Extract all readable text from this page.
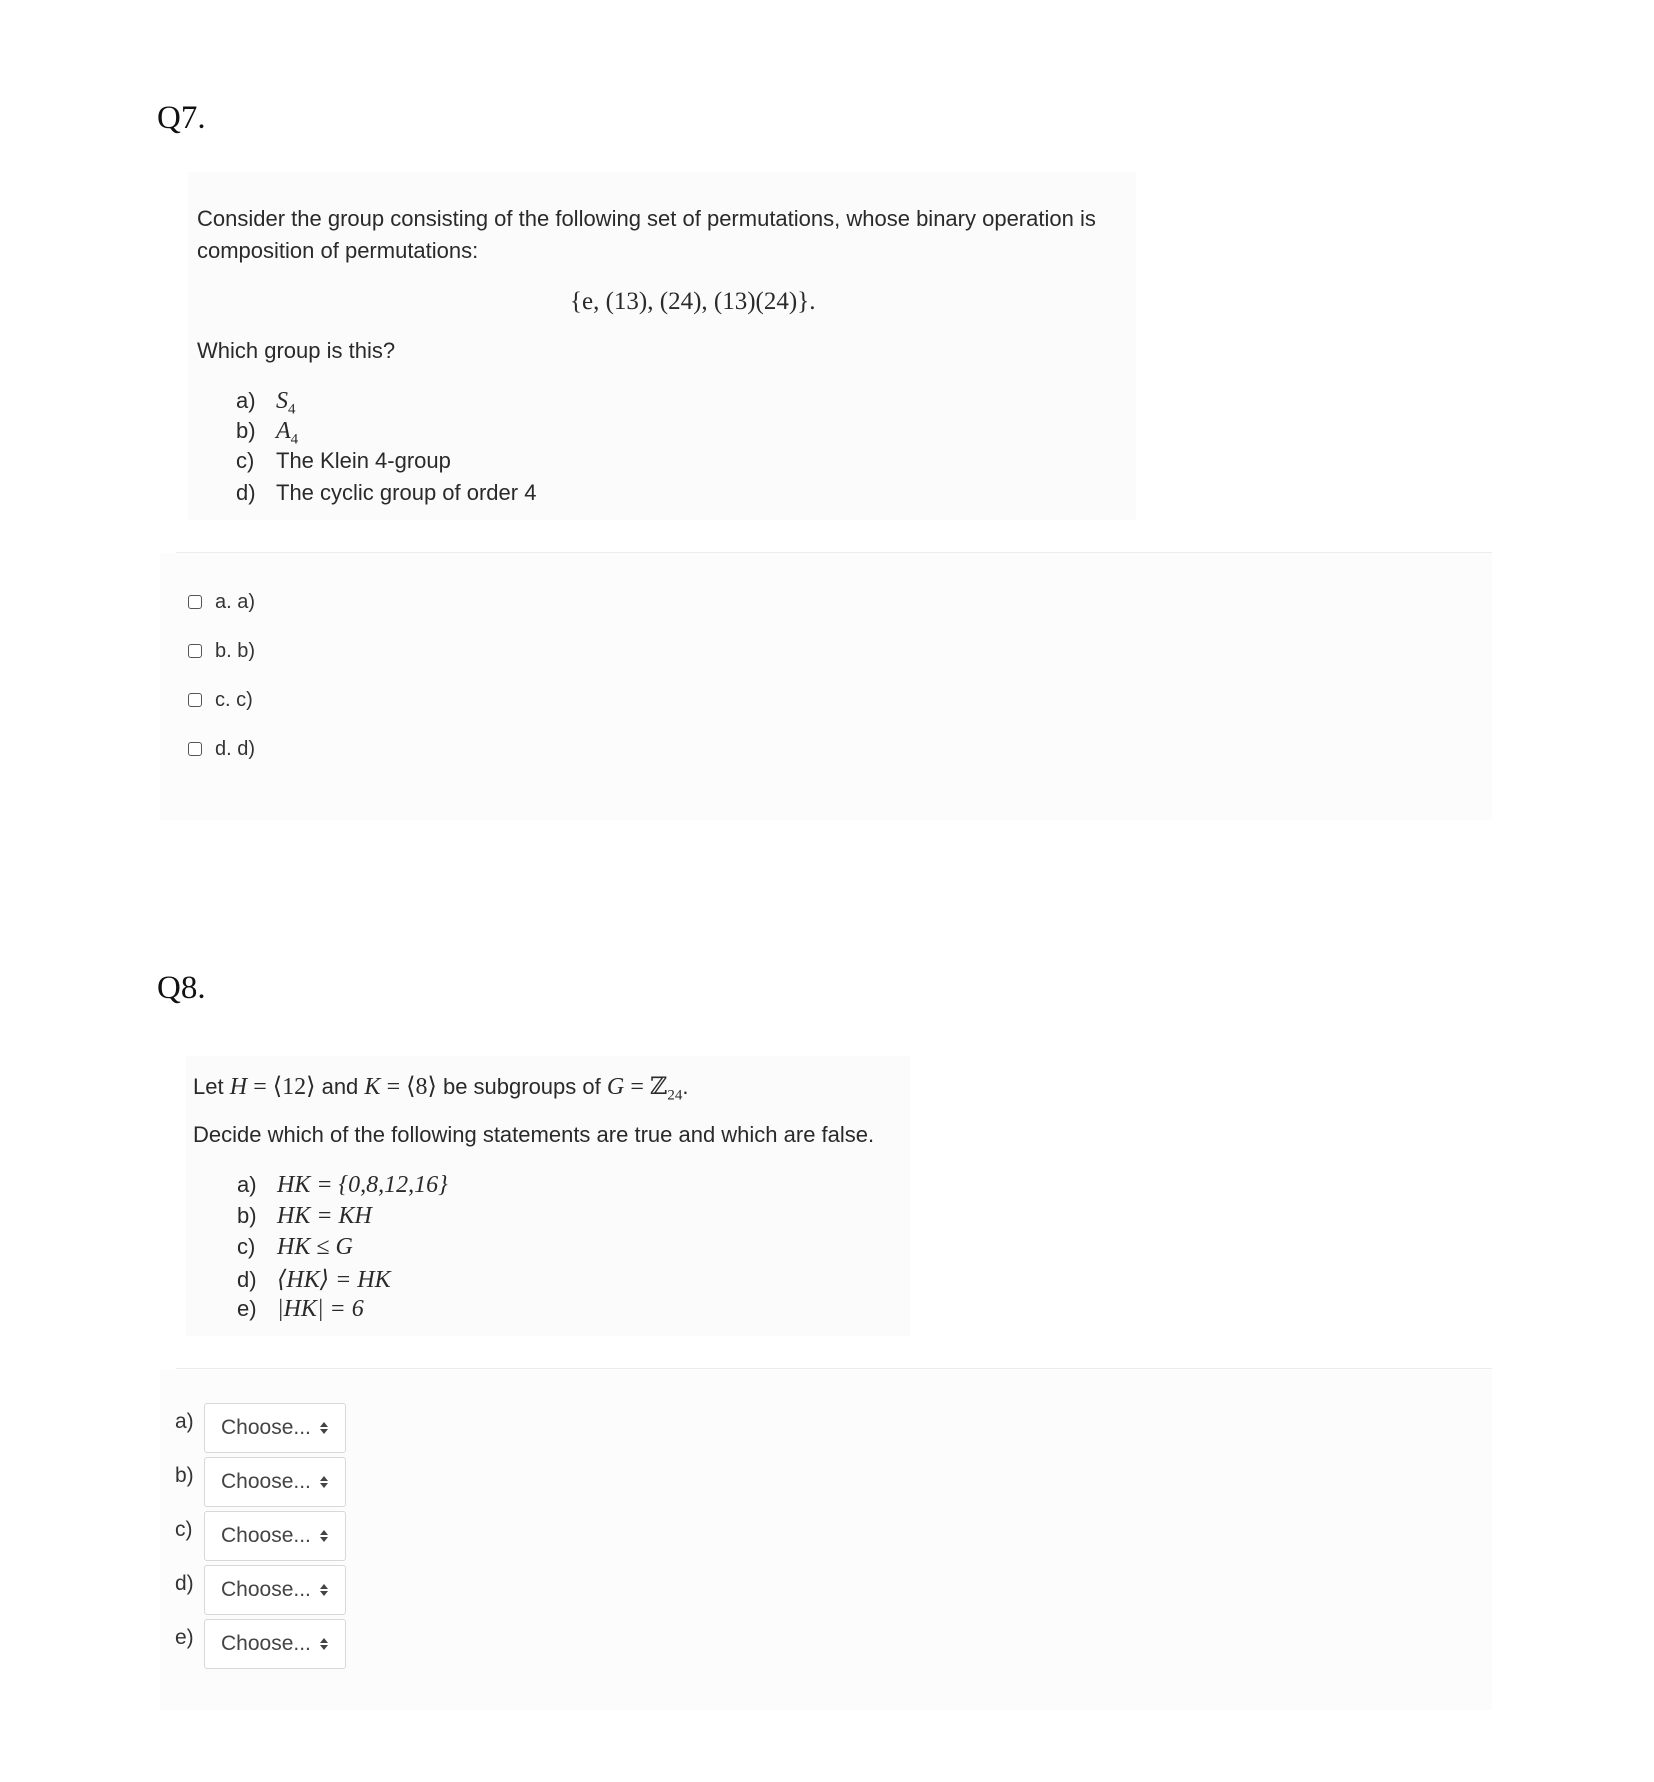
Q7.
Consider the group consisting of the following set of permutations, whose binary operation is
composition of permutations:
{e, (13), (24), (13)(24)}.
Which group is this?
a) $S_4$
b) $A_4$
c) The Klein 4-group
d) The cyclic group of order 4
a. a)
b. b)
c. c)
d. d)
Q8.
Let H = ⟨12⟩ and K = ⟨8⟩ be subgroups of G = ℤ$_{24}$.
Decide which of the following statements are true and which are false.
a) HK = {0,8,12,16}
b) HK = KH
c) HK ≤ G
d) ⟨HK⟩ = HK
e) |HK| = 6
a) Choose...
b) Choose...
c) Choose...
d) Choose...
e) Choose...
